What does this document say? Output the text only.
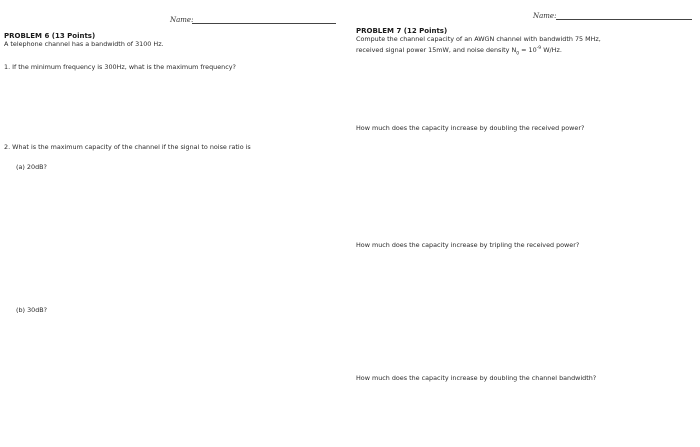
Name:
PROBLEM 6 (13 Points)
A telephone channel has a bandwidth of 3100 Hz.
1. If the minimum frequency is 300Hz, what is the maximum frequency?
2. What is the maximum capacity of the channel if the signal to noise ratio is
(a) 20dB?
(b) 30dB?
Name:
PROBLEM 7 (12 Points)
Compute the channel capacity of an AWGN channel with bandwidth 75 MHz,
received signal power 15mW, and noise density $N_0 = 10^{-9}$ W/Hz.
How much does the capacity increase by doubling the received power?
How much does the capacity increase by tripling the received power?
How much does the capacity increase by doubling the channel bandwidth?
